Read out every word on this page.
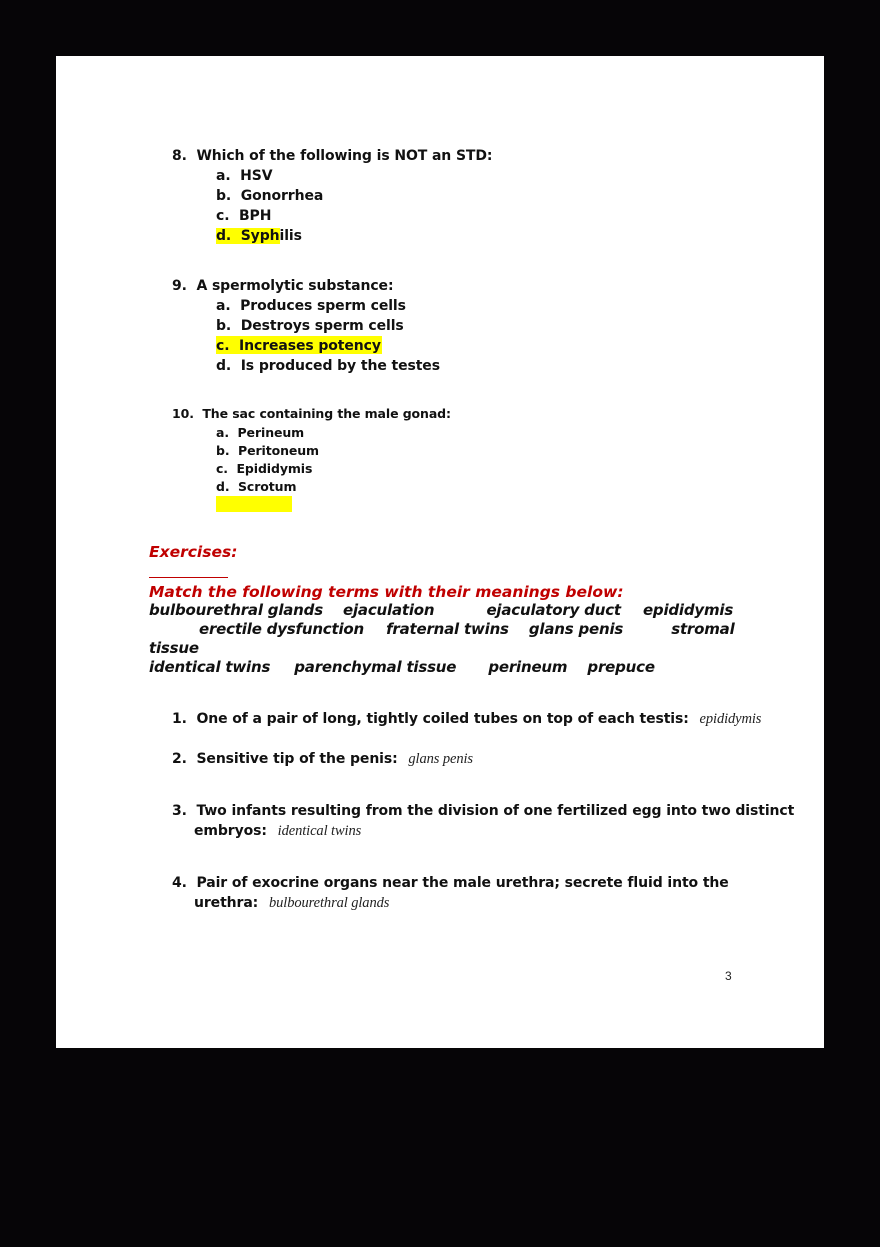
8. Which of the following is NOT an STD:
a. HSV
b. Gonorrhea
c. BPH
d. Syphilis
9. A spermolytic substance:
a. Produces sperm cells
b. Destroys sperm cells
c. Increases potency
d. Is produced by the testes
10. The sac containing the male gonad:
a. Perineum
b. Peritoneum
c. Epididymis
d. Scrotum
Exercises:
Match the following terms with their meanings below:
bulbourethral glands ejaculation	ejaculatory duct epididymis
erectile dysfunction fraternal twins glans penis	stromal
tissue
identical twins parenchymal tissue perineum prepuce
1. One of a pair of long, tightly coiled tubes on top of each testis: epididymis
2. Sensitive tip of the penis: glans penis
3. Two infants resulting from the division of one fertilized egg into two distinct
embryos: identical twins
4. Pair of exocrine organs near the male urethra; secrete fluid into the
urethra: bulbourethral glands
3
